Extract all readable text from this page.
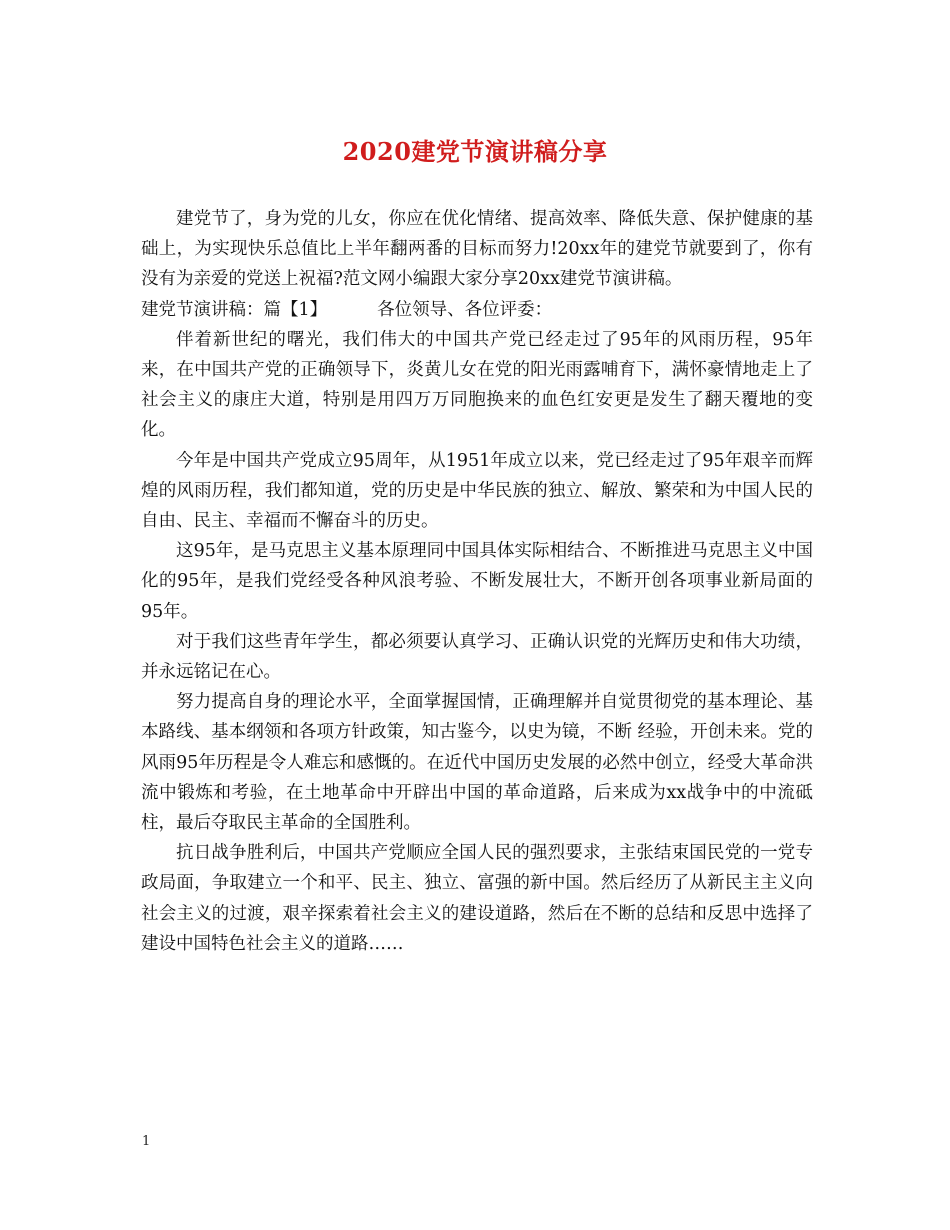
2020建党节演讲稿分享

建党节了，身为党的儿女，你应在优化情绪、提高效率、降低失意、保护健康的基础上，为实现快乐总值比上半年翻两番的目标而努力!20xx年的建党节就要到了，你有没有为亲爱的党送上祝福?范文网小编跟大家分享20xx建党节演讲稿。

建党节演讲稿：篇【1】	各位领导、各位评委：

伴着新世纪的曙光，我们伟大的中国共产党已经走过了95年的风雨历程，95年来，在中国共产党的正确领导下，炎黄儿女在党的阳光雨露哺育下，满怀豪情地走上了社会主义的康庄大道，特别是用四万万同胞换来的血色红安更是发生了翻天覆地的变化。

今年是中国共产党成立95周年，从1951年成立以来，党已经走过了95年艰辛而辉煌的风雨历程，我们都知道，党的历史是中华民族的独立、解放、繁荣和为中国人民的自由、民主、幸福而不懈奋斗的历史。

这95年，是马克思主义基本原理同中国具体实际相结合、不断推进马克思主义中国化的95年，是我们党经受各种风浪考验、不断发展壮大，不断开创各项事业新局面的95年。

对于我们这些青年学生，都必须要认真学习、正确认识党的光辉历史和伟大功绩，并永远铭记在心。

努力提高自身的理论水平，全面掌握国情，正确理解并自觉贯彻党的基本理论、基本路线、基本纲领和各项方针政策，知古鉴今，以史为镜，不断 经验，开创未来。党的风雨95年历程是令人难忘和感慨的。在近代中国历史发展的必然中创立，经受大革命洪流中锻炼和考验，在土地革命中开辟出中国的革命道路，后来成为xx战争中的中流砥柱，最后夺取民主革命的全国胜利。

抗日战争胜利后，中国共产党顺应全国人民的强烈要求，主张结束国民党的一党专政局面，争取建立一个和平、民主、独立、富强的新中国。然后经历了从新民主主义向社会主义的过渡，艰辛探索着社会主义的建设道路，然后在不断的总结和反思中选择了建设中国特色社会主义的道路……

1
